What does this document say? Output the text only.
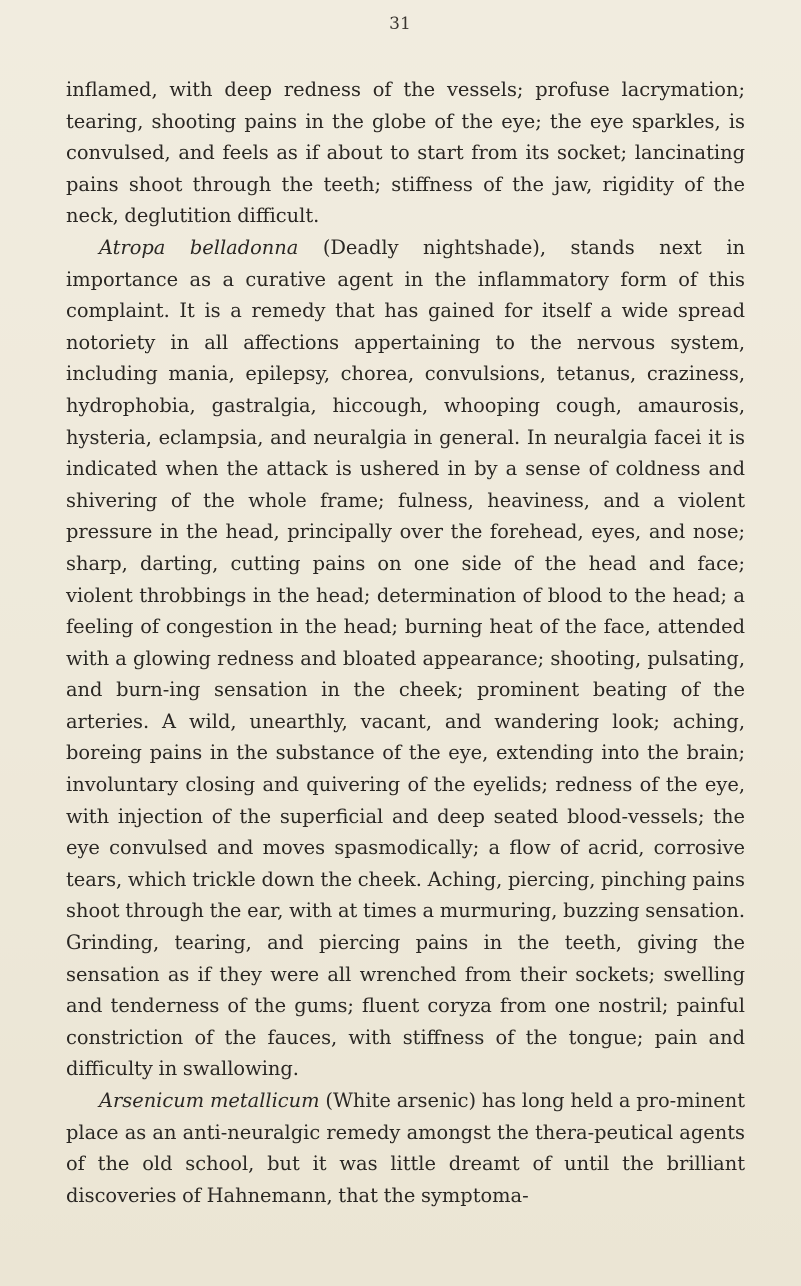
31

inflamed, with deep redness of the vessels; profuse lacrymation; tearing, shooting pains in the globe of the eye; the eye sparkles, is convulsed, and feels as if about to start from its socket; lancinating pains shoot through the teeth; stiffness of the jaw, rigidity of the neck, deglutition difficult.

Atropa belladonna (Deadly nightshade), stands next in importance as a curative agent in the inflammatory form of this complaint. It is a remedy that has gained for itself a wide spread notoriety in all affections appertaining to the nervous system, including mania, epilepsy, chorea, convulsions, tetanus, craziness, hydrophobia, gastralgia, hiccough, whooping cough, amaurosis, hysteria, eclampsia, and neuralgia in general. In neuralgia facei it is indicated when the attack is ushered in by a sense of coldness and shivering of the whole frame; fulness, heaviness, and a violent pressure in the head, principally over the forehead, eyes, and nose; sharp, darting, cutting pains on one side of the head and face; violent throbbings in the head; determination of blood to the head; a feeling of congestion in the head; burning heat of the face, attended with a glowing redness and bloated appearance; shooting, pulsating, and burn-ing sensation in the cheek; prominent beating of the arteries. A wild, unearthly, vacant, and wandering look; aching, boreing pains in the substance of the eye, extending into the brain; involuntary closing and quivering of the eyelids; redness of the eye, with injection of the superficial and deep seated blood-vessels; the eye convulsed and moves spasmodically; a flow of acrid, corrosive tears, which trickle down the cheek. Aching, piercing, pinching pains shoot through the ear, with at times a murmuring, buzzing sensation. Grinding, tearing, and piercing pains in the teeth, giving the sensation as if they were all wrenched from their sockets; swelling and tenderness of the gums; fluent coryza from one nostril; painful constriction of the fauces, with stiffness of the tongue; pain and difficulty in swallowing.

Arsenicum metallicum (White arsenic) has long held a pro-minent place as an anti-neuralgic remedy amongst the thera-peutical agents of the old school, but it was little dreamt of until the brilliant discoveries of Hahnemann, that the symptoma-
